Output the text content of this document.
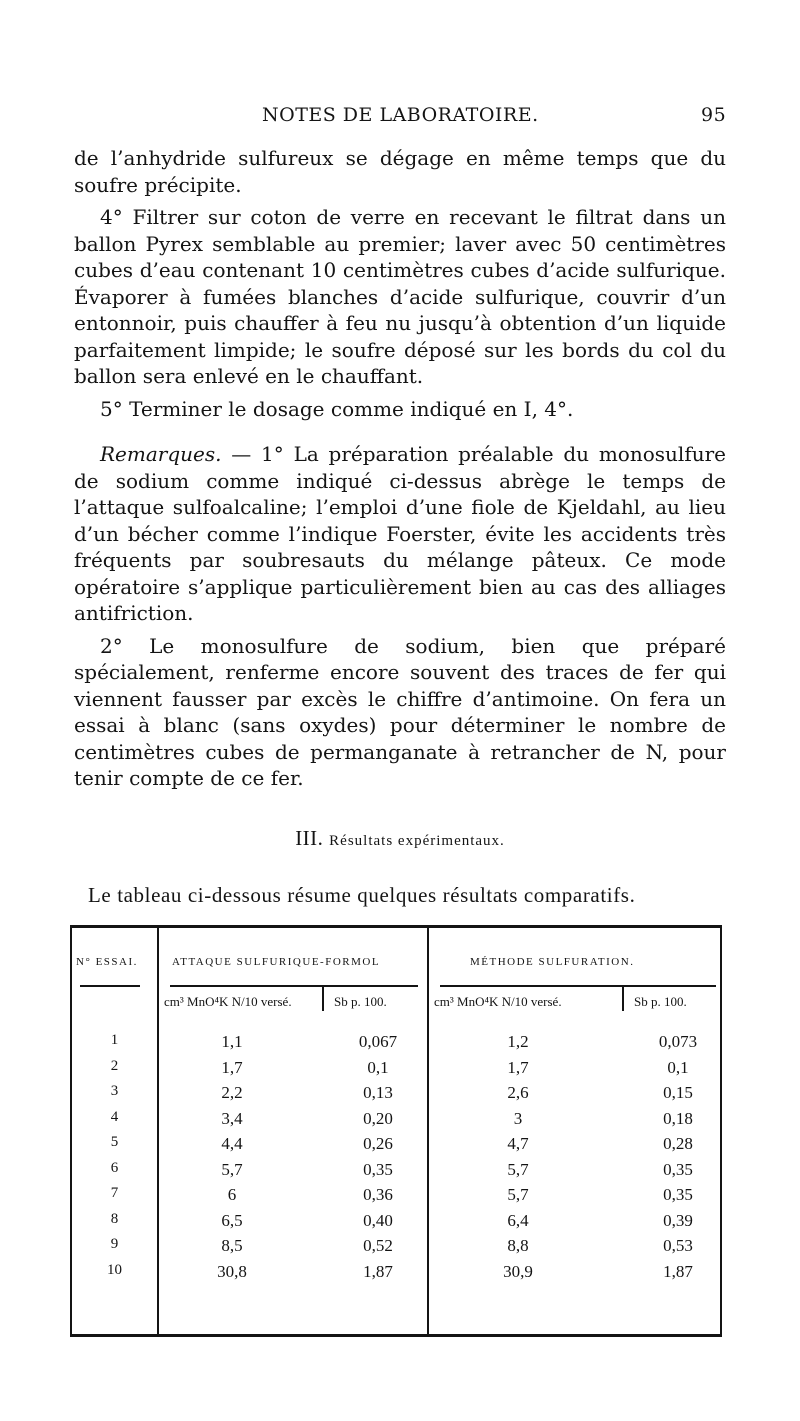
NOTES DE LABORATOIRE.	95

de l’anhydride sulfureux se dégage en même temps que du soufre précipite.

4° Filtrer sur coton de verre en recevant le filtrat dans un ballon Pyrex semblable au premier; laver avec 50 centimètres cubes d’eau contenant 10 centimètres cubes d’acide sulfurique. Évaporer à fumées blanches d’acide sulfurique, couvrir d’un entonnoir, puis chauffer à feu nu jusqu’à obtention d’un liquide parfaitement limpide; le soufre déposé sur les bords du col du ballon sera enlevé en le chauffant.

5° Terminer le dosage comme indiqué en I, 4°.

Remarques. — 1° La préparation préalable du monosulfure de sodium comme indiqué ci-dessus abrège le temps de l’attaque sulfoalcaline; l’emploi d’une fiole de Kjeldahl, au lieu d’un bécher comme l’indique Foerster, évite les accidents très fréquents par soubresauts du mélange pâteux. Ce mode opératoire s’applique particulièrement bien au cas des alliages antifriction.

2° Le monosulfure de sodium, bien que préparé spécialement, renferme encore souvent des traces de fer qui viennent fausser par excès le chiffre d’antimoine. On fera un essai à blanc (sans oxydes) pour déterminer le nombre de centimètres cubes de permanganate à retrancher de N, pour tenir compte de ce fer.

III. Résultats expérimentaux.
Le tableau ci-dessous résume quelques résultats comparatifs.
N° ESSAI.	ATTAQUE SULFURIQUE-FORMOL	MÉTHODE SULFURATION.
cm³ MnO⁴K N/10 versé.	Sb p. 100.	cm³ MnO⁴K N/10 versé.	Sb p. 100.
1	1,1	0,067	1,2	0,073
2	1,7	0,1	1,7	0,1
3	2,2	0,13	2,6	0,15
4	3,4	0,20	3	0,18
5	4,4	0,26	4,7	0,28
6	5,7	0,35	5,7	0,35
7	6	0,36	5,7	0,35
8	6,5	0,40	6,4	0,39
9	8,5	0,52	8,8	0,53
10	30,8	1,87	30,9	1,87
